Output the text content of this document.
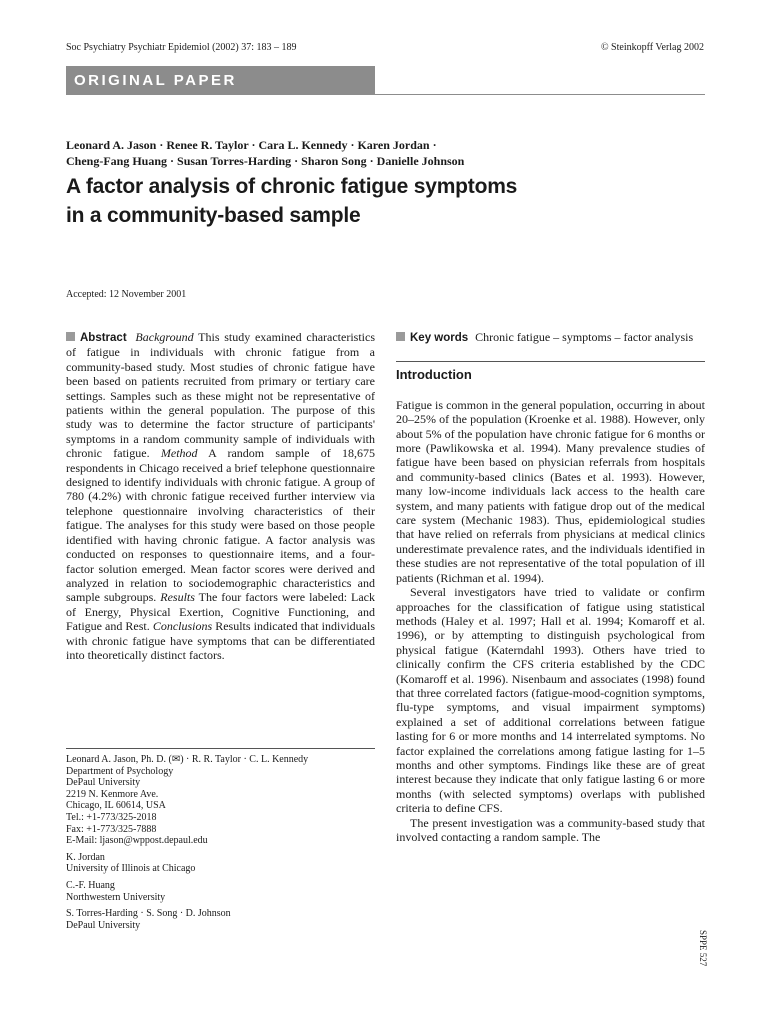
Soc Psychiatry Psychiatr Epidemiol (2002) 37: 183 – 189	© Steinkopff Verlag 2002
ORIGINAL PAPER
Leonard A. Jason · Renee R. Taylor · Cara L. Kennedy · Karen Jordan ·
Cheng-Fang Huang · Susan Torres-Harding · Sharon Song · Danielle Johnson
A factor analysis of chronic fatigue symptoms
in a community-based sample
Accepted: 12 November 2001
Abstract Background This study examined characteristics of fatigue in individuals with chronic fatigue from a community-based study. Most studies of chronic fatigue have been based on patients recruited from primary or tertiary care settings. Samples such as these might not be representative of patients within the general population. The purpose of this study was to determine the factor structure of participants' symptoms in a random community sample of individuals with chronic fatigue. Method A random sample of 18,675 respondents in Chicago received a brief telephone questionnaire designed to identify individuals with chronic fatigue. A group of 780 (4.2%) with chronic fatigue received further interview via telephone questionnaire involving characteristics of their fatigue. The analyses for this study were based on those people identified with having chronic fatigue. A factor analysis was conducted on responses to questionnaire items, and a four-factor solution emerged. Mean factor scores were derived and analyzed in relation to sociodemographic characteristics and sample subgroups. Results The four factors were labeled: Lack of Energy, Physical Exertion, Cognitive Functioning, and Fatigue and Rest. Conclusions Results indicated that individuals with chronic fatigue have symptoms that can be differentiated into theoretically distinct factors.
Key words Chronic fatigue – symptoms – factor analysis
Introduction
Fatigue is common in the general population, occurring in about 20–25% of the population (Kroenke et al. 1988). However, only about 5% of the population have chronic fatigue for 6 months or more (Pawlikowska et al. 1994). Many prevalence studies of fatigue have been based on physician referrals from hospitals and community-based clinics (Bates et al. 1993). However, many low-income individuals lack access to the health care system, and many patients with fatigue drop out of the medical care system (Mechanic 1983). Thus, epidemiological studies that have relied on referrals from physicians at medical clinics underestimate prevalence rates, and the individuals identified in these studies are not representative of the total population of ill patients (Richman et al. 1994).
Several investigators have tried to validate or confirm approaches for the classification of fatigue using statistical methods (Haley et al. 1997; Hall et al. 1994; Komaroff et al. 1996), or by attempting to distinguish psychological from physical fatigue (Katerndahl 1993). Others have tried to clinically confirm the CFS criteria established by the CDC (Komaroff et al. 1996). Nisenbaum and associates (1998) found that three correlated factors (fatigue-mood-cognition symptoms, flu-type symptoms, and visual impairment symptoms) explained a set of additional correlations between fatigue lasting for 6 or more months and 14 interrelated symptoms. No factor explained the correlations among fatigue lasting for 1–5 months and other symptoms. Findings like these are of great interest because they indicate that only fatigue lasting 6 or more months (with selected symptoms) overlaps with published criteria to define CFS.
The present investigation was a community-based study that involved contacting a random sample. The
Leonard A. Jason, Ph. D. (✉) · R. R. Taylor · C. L. Kennedy
Department of Psychology
DePaul University
2219 N. Kenmore Ave.
Chicago, IL 60614, USA
Tel.: +1-773/325-2018
Fax: +1-773/325-7888
E-Mail: ljason@wppost.depaul.edu
K. Jordan
University of Illinois at Chicago
C.-F. Huang
Northwestern University
S. Torres-Harding · S. Song · D. Johnson
DePaul University
SPPE 527
